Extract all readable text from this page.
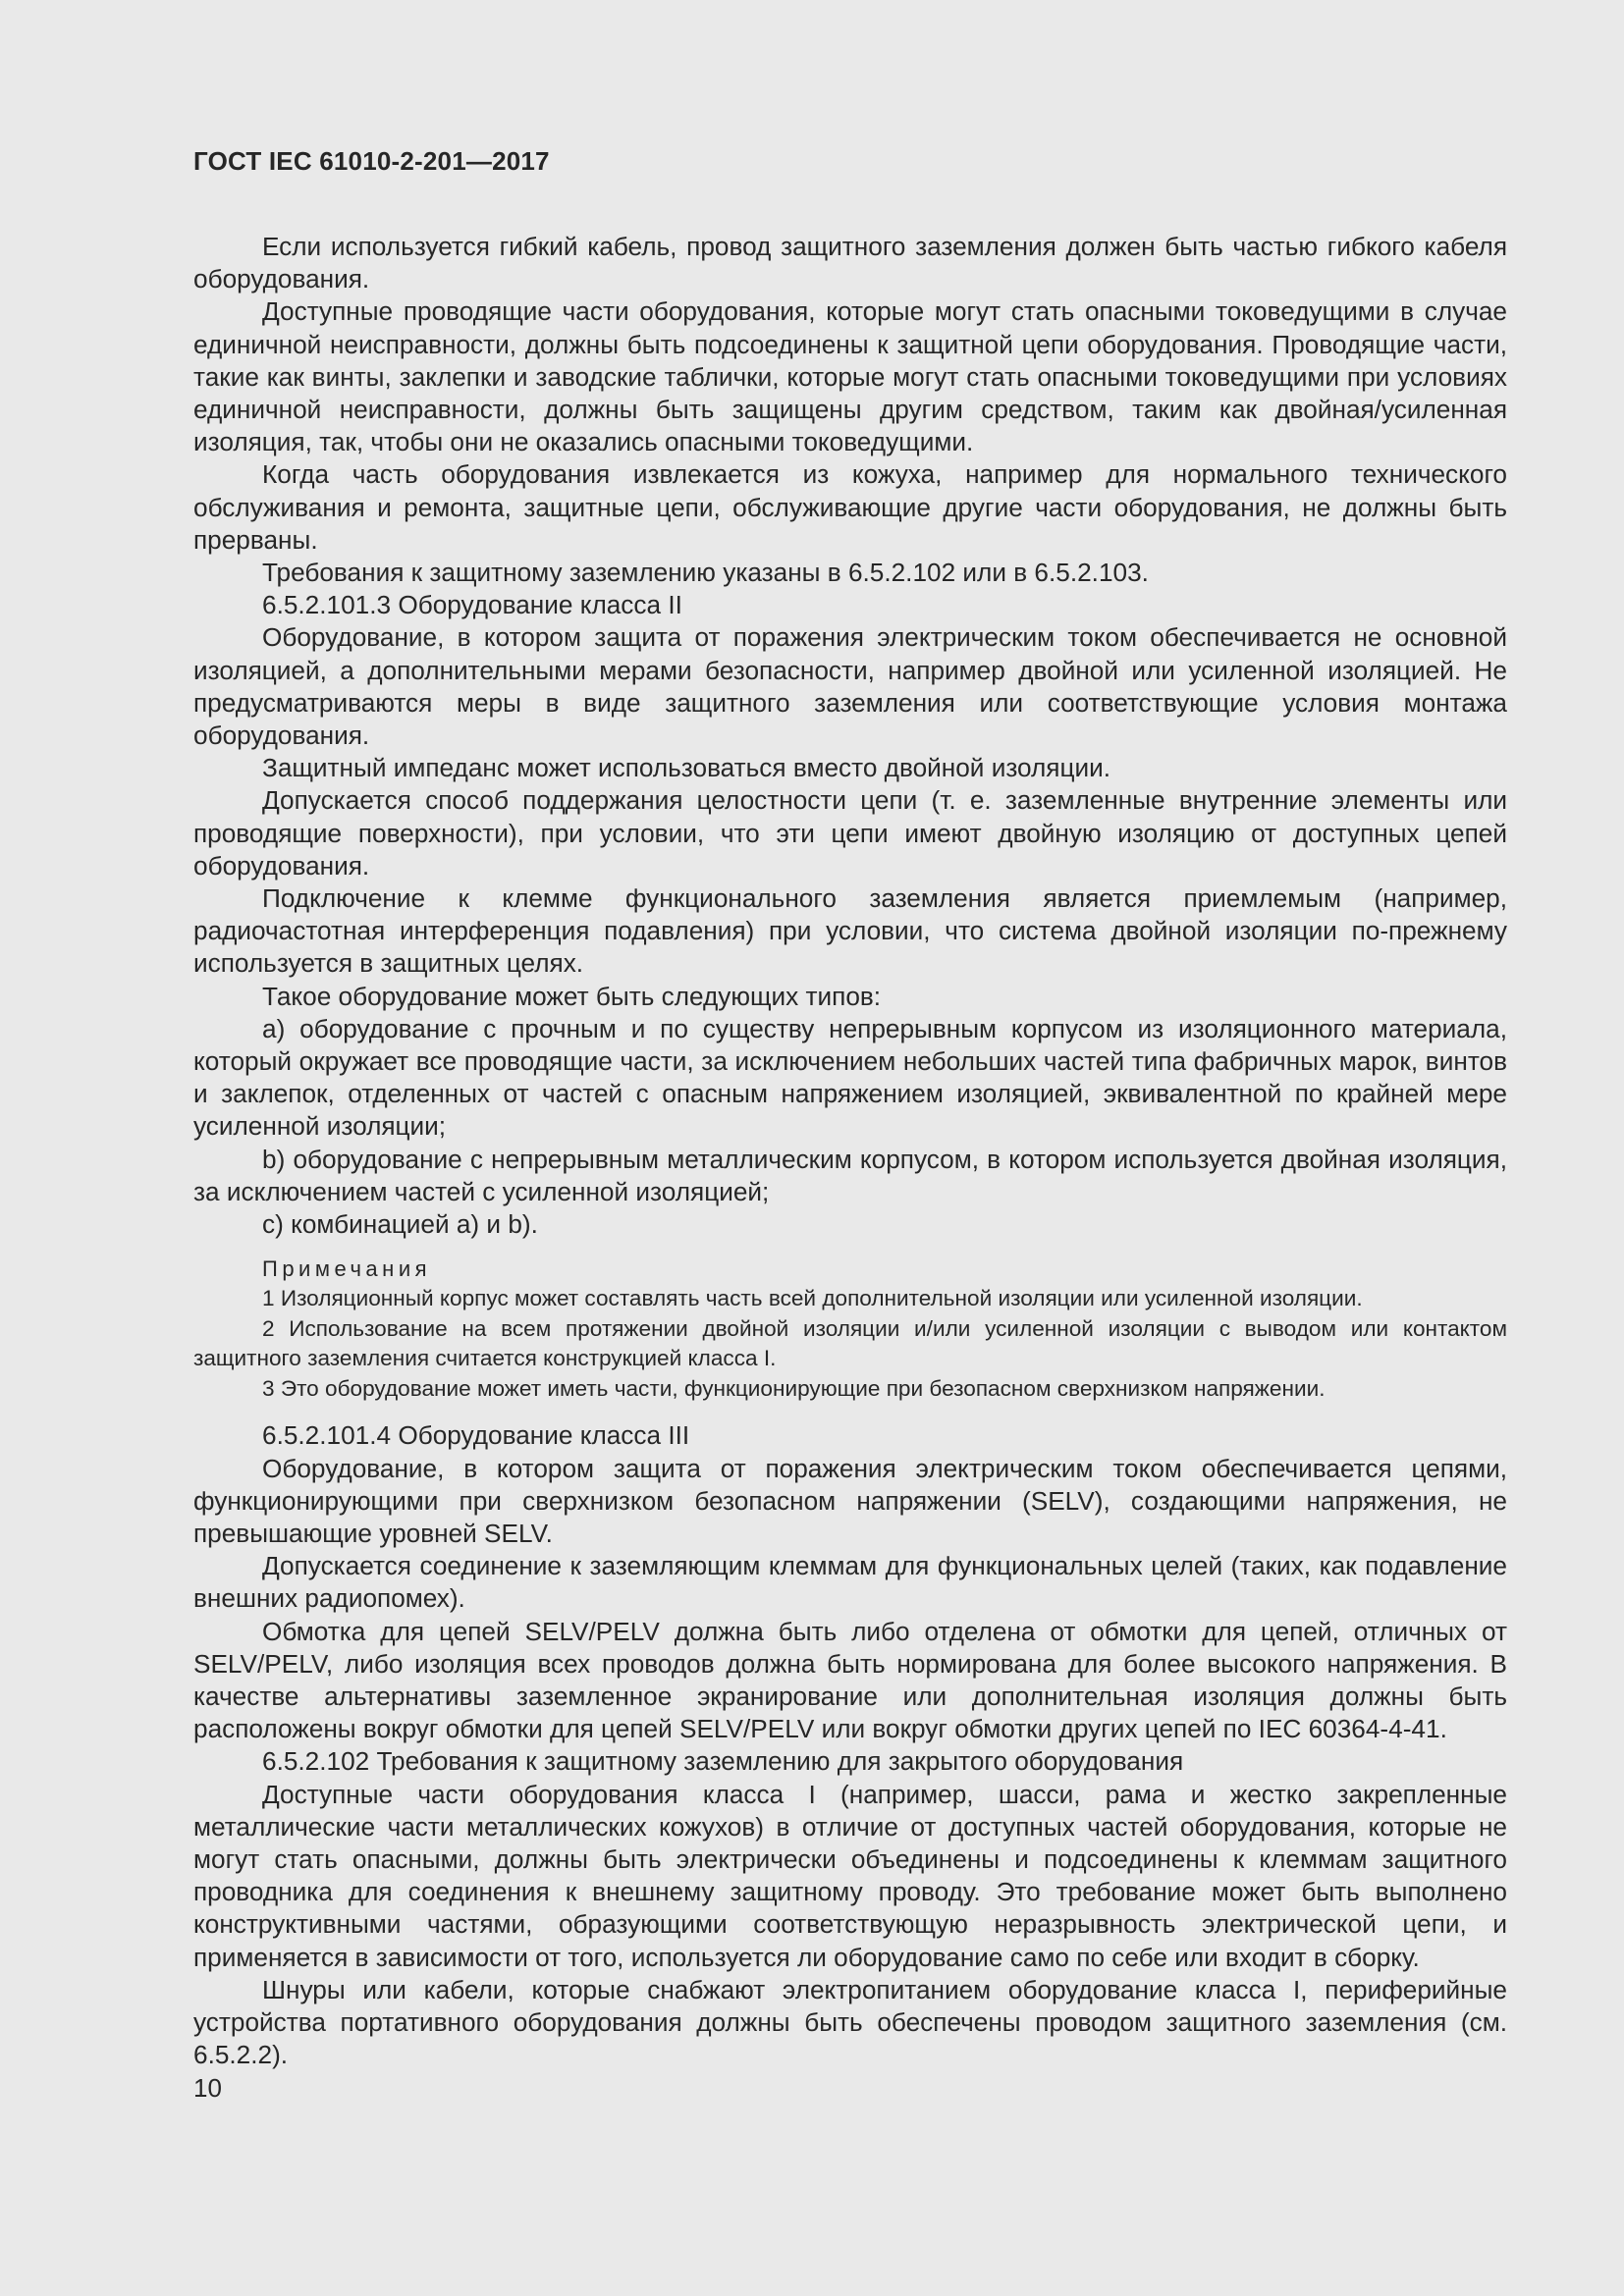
ГОСТ IEC 61010-2-201—2017

Если используется гибкий кабель, провод защитного заземления должен быть частью гибкого кабеля оборудования.

Доступные проводящие части оборудования, которые могут стать опасными токоведущими в случае единичной неисправности, должны быть подсоединены к защитной цепи оборудования. Проводящие части, такие как винты, заклепки и заводские таблички, которые могут стать опасными токоведущими при условиях единичной неисправности, должны быть защищены другим средством, таким как двойная/усиленная изоляция, так, чтобы они не оказались опасными токоведущими.

Когда часть оборудования извлекается из кожуха, например для нормального технического обслуживания и ремонта, защитные цепи, обслуживающие другие части оборудования, не должны быть прерваны.

Требования к защитному заземлению указаны в 6.5.2.102 или в 6.5.2.103.

6.5.2.101.3 Оборудование класса II

Оборудование, в котором защита от поражения электрическим током обеспечивается не основной изоляцией, а дополнительными мерами безопасности, например двойной или усиленной изоляцией. Не предусматриваются меры в виде защитного заземления или соответствующие условия монтажа оборудования.

Защитный импеданс может использоваться вместо двойной изоляции.

Допускается способ поддержания целостности цепи (т. е. заземленные внутренние элементы или проводящие поверхности), при условии, что эти цепи имеют двойную изоляцию от доступных цепей оборудования.

Подключение к клемме функционального заземления является приемлемым (например, радиочастотная интерференция подавления) при условии, что система двойной изоляции по-прежнему используется в защитных целях.

Такое оборудование может быть следующих типов:

a) оборудование с прочным и по существу непрерывным корпусом из изоляционного материала, который окружает все проводящие части, за исключением небольших частей типа фабричных марок, винтов и заклепок, отделенных от частей с опасным напряжением изоляцией, эквивалентной по крайней мере усиленной изоляции;

b) оборудование с непрерывным металлическим корпусом, в котором используется двойная изоляция, за исключением частей с усиленной изоляцией;

c) комбинацией а) и b).

Примечания

1 Изоляционный корпус может составлять часть всей дополнительной изоляции или усиленной изоляции.

2 Использование на всем протяжении двойной изоляции и/или усиленной изоляции с выводом или контактом защитного заземления считается конструкцией класса I.

3 Это оборудование может иметь части, функционирующие при безопасном сверхнизком напряжении.

6.5.2.101.4 Оборудование класса III

Оборудование, в котором защита от поражения электрическим током обеспечивается цепями, функционирующими при сверхнизком безопасном напряжении (SELV), создающими напряжения, не превышающие уровней SELV.

Допускается соединение к заземляющим клеммам для функциональных целей (таких, как подавление внешних радиопомех).

Обмотка для цепей SELV/PELV должна быть либо отделена от обмотки для цепей, отличных от SELV/PELV, либо изоляция всех проводов должна быть нормирована для более высокого напряжения. В качестве альтернативы заземленное экранирование или дополнительная изоляция должны быть расположены вокруг обмотки для цепей SELV/PELV или вокруг обмотки других цепей по IEC 60364-4-41.

6.5.2.102 Требования к защитному заземлению для закрытого оборудования

Доступные части оборудования класса I (например, шасси, рама и жестко закрепленные металлические части металлических кожухов) в отличие от доступных частей оборудования, которые не могут стать опасными, должны быть электрически объединены и подсоединены к клеммам защитного проводника для соединения к внешнему защитному проводу. Это требование может быть выполнено конструктивными частями, образующими соответствующую неразрывность электрической цепи, и применяется в зависимости от того, используется ли оборудование само по себе или входит в сборку.

Шнуры или кабели, которые снабжают электропитанием оборудование класса I, периферийные устройства портативного оборудования должны быть обеспечены проводом защитного заземления (см. 6.5.2.2).

10
